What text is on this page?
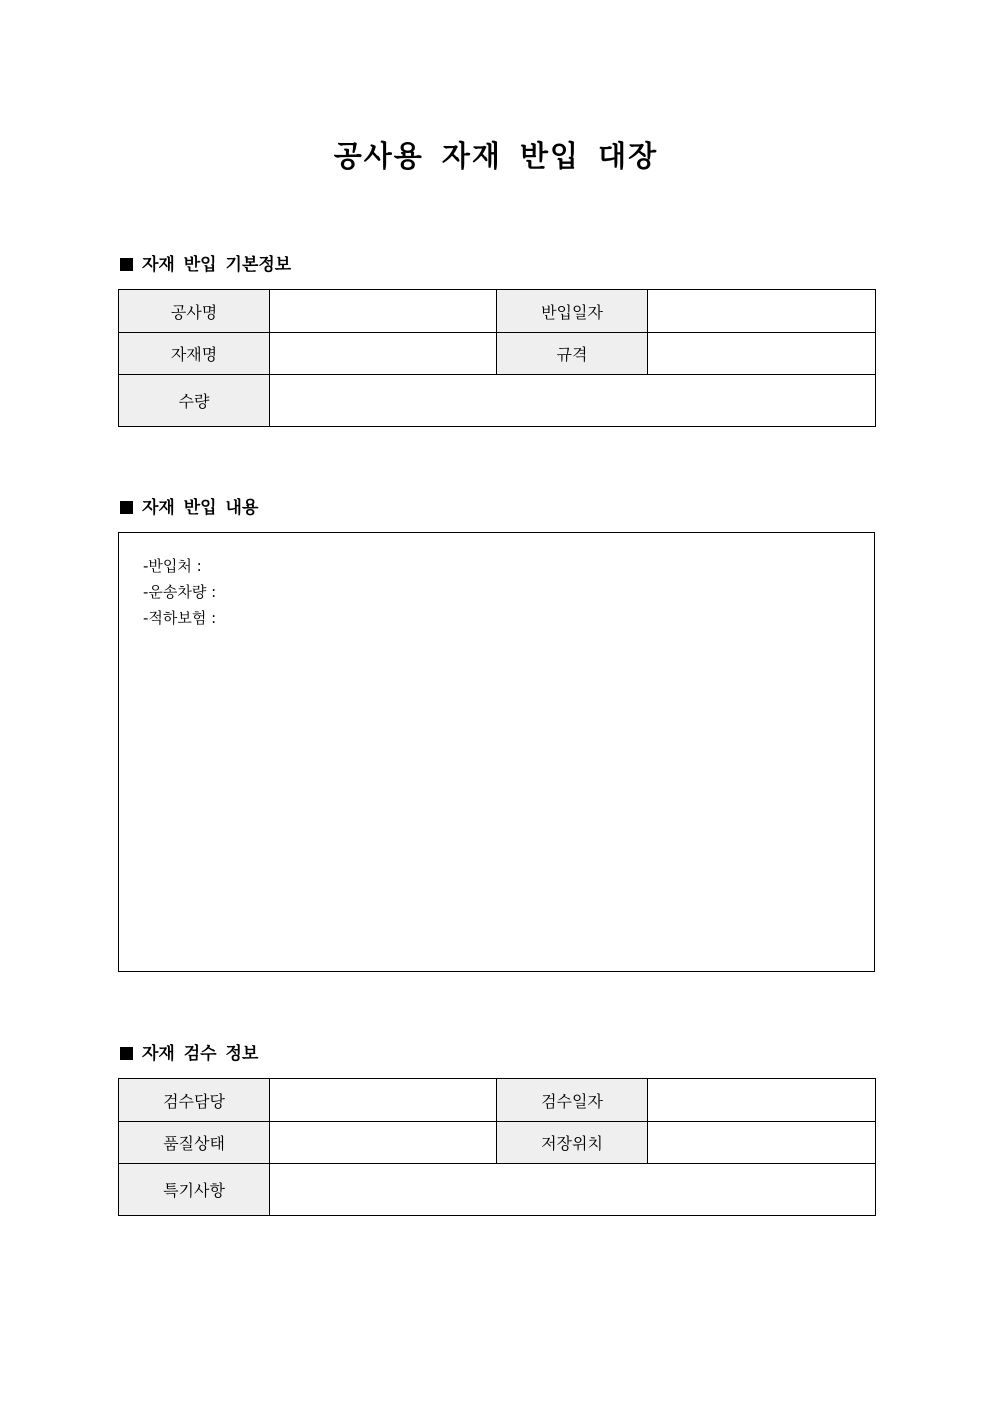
공사용 자재 반입 대장
자재 반입 기본정보
공사명		반입일자	
자재명		규격	
수량			
자재 반입 내용
-반입처 :
-운송차량 :
-적하보험 :
자재 검수 정보
검수담당		검수일자	
품질상태		저장위치	
특기사항			
